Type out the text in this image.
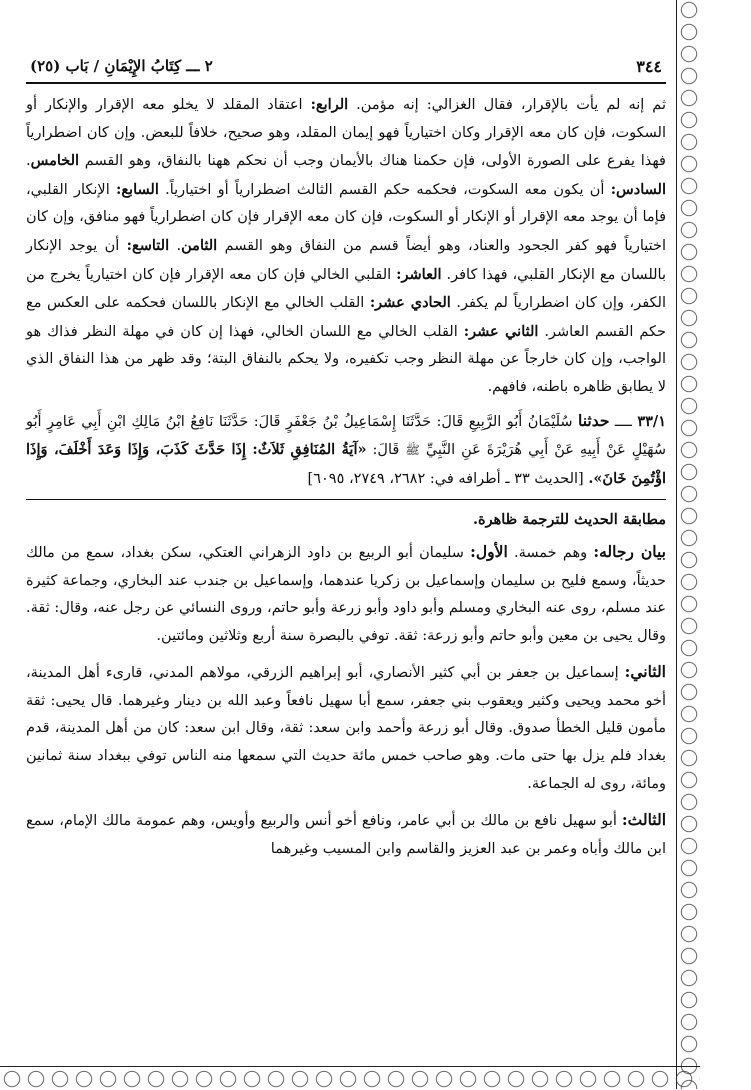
٣٤٤
٢ ـــ كِتَابُ الإِيْمَانِ / بَاب (٢٥)

ثم إنه لم يأت بالإقرار، فقال الغزالي: إنه مؤمن. الرابع: اعتقاد المقلد لا يخلو معه الإقرار والإنكار أو السكوت، فإن كان معه الإقرار وكان اختيارياً فهو إيمان المقلد، وهو صحيح، خلافاً للبعض. وإن كان اضطرارياً فهذا يفرع على الصورة الأولى، فإن حكمنا هناك بالأيمان وجب أن نحكم ههنا بالنفاق، وهو القسم الخامس. السادس: أن يكون معه السكوت، فحكمه حكم القسم الثالث اضطرارياً أو اختيارياً. السابع: الإنكار القلبي، فإما أن يوجد معه الإقرار أو الإنكار أو السكوت، فإن كان معه الإقرار فإن كان اضطرارياً فهو منافق، وإن كان اختيارياً فهو كفر الجحود والعناد، وهو أيضاً قسم من النفاق وهو القسم الثامن. التاسع: أن يوجد الإنكار باللسان مع الإنكار القلبي، فهذا كافر. العاشر: القلبي الخالي فإن كان معه الإقرار فإن كان اختيارياً يخرج من الكفر، وإن كان اضطرارياً لم يكفر. الحادي عشر: القلب الخالي مع الإنكار باللسان فحكمه على العكس مع حكم القسم العاشر. الثاني عشر: القلب الخالي مع اللسان الخالي، فهذا إن كان في مهلة النظر فذاك هو الواجب، وإن كان خارجاً عن مهلة النظر وجب تكفيره، ولا يحكم بالنفاق البتة؛ وقد ظهر من هذا النفاق الذي لا يطابق ظاهره باطنه، فافهم.

٣٣/١ ــــ حدثنا سُلَيْمَانُ أَبُو الرَّبِيعِ قَالَ: حَدَّثَنَا إِسْمَاعِيلُ بْنُ جَعْفَرٍ قَالَ: حَدَّثَنَا نَافِعُ ابْنُ مَالِكِ ابْنِ أَبِي عَامِرٍ أَبُو سُهَيْلٍ عَنْ أَبِيهِ عَنْ أَبِي هُرَيْرَةَ عَنِ النَّبِيِّ ﷺ قَالَ: «آيَةُ المُنَافِقِ ثَلاَثٌ: إِذَا حَدَّثَ كَذَبَ، وَإِذَا وَعَدَ أَخْلَفَ، وَإِذَا اؤْتُمِنَ خَانَ». [الحديث ٣٣ ـ أطرافه في: ٢٦٨٢، ٢٧٤٩، ٦٠٩٥]

مطابقة الحديث للترجمة ظاهرة.

بيان رجاله: وهم خمسة. الأول: سليمان أبو الربيع بن داود الزهراني العتكي، سكن بغداد، سمع من مالك حديثاً، وسمع فليح بن سليمان وإسماعيل بن زكريا عندهما، وإسماعيل بن جندب عند البخاري، وجماعة كثيرة عند مسلم، روى عنه البخاري ومسلم وأبو داود وأبو زرعة وأبو حاتم، وروى النسائي عن رجل عنه، وقال: ثقة. وقال يحيى بن معين وأبو حاتم وأبو زرعة: ثقة. توفي بالبصرة سنة أربع وثلاثين ومائتين.

الثاني: إسماعيل بن جعفر بن أبي كثير الأنصاري، أبو إبراهيم الزرقي، مولاهم المدني، قارىء أهل المدينة، أخو محمد ويحيى وكثير ويعقوب بني جعفر، سمع أبا سهيل نافعاً وعبد الله بن دينار وغيرهما. قال يحيى: ثقة مأمون قليل الخطأ صدوق. وقال أبو زرعة وأحمد وابن سعد: ثقة، وقال ابن سعد: كان من أهل المدينة، قدم بغداد فلم يزل بها حتى مات. وهو صاحب خمس مائة حديث التي سمعها منه الناس توفي ببغداد سنة ثمانين ومائة، روى له الجماعة.

الثالث: أبو سهيل نافع بن مالك بن أبي عامر، ونافع أخو أنس والربيع وأويس، وهم عمومة مالك الإمام، سمع ابن مالك وأباه وعمر بن عبد العزيز والقاسم وابن المسيب وغيرهما
